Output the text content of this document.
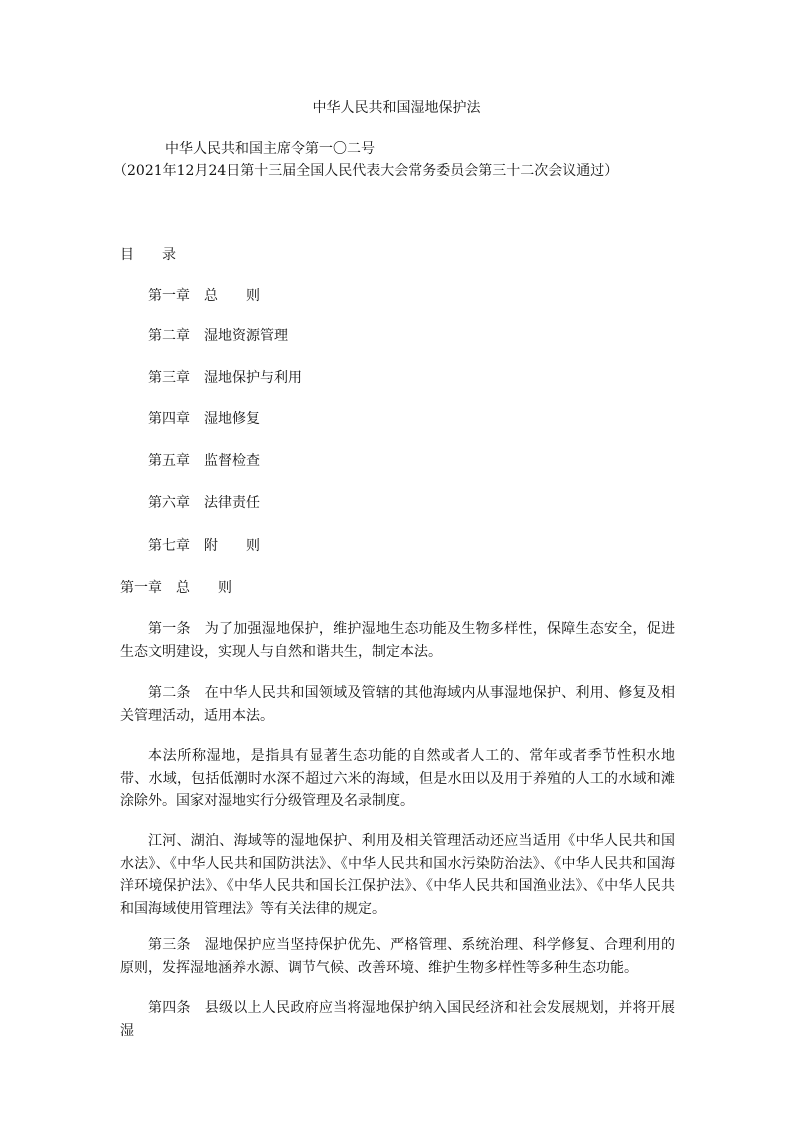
中华人民共和国湿地保护法
中华人民共和国主席令第一〇二号
（2021年12月24日第十三届全国人民代表大会常务委员会第三十二次会议通过）
目 录
第一章 总 则
第二章 湿地资源管理
第三章 湿地保护与利用
第四章 湿地修复
第五章 监督检查
第六章 法律责任
第七章 附 则
第一章 总 则
第一条 为了加强湿地保护，维护湿地生态功能及生物多样性，保障生态安全，促进生态文明建设，实现人与自然和谐共生，制定本法。
第二条 在中华人民共和国领域及管辖的其他海域内从事湿地保护、利用、修复及相关管理活动，适用本法。
本法所称湿地，是指具有显著生态功能的自然或者人工的、常年或者季节性积水地带、水域，包括低潮时水深不超过六米的海域，但是水田以及用于养殖的人工的水域和滩涂除外。国家对湿地实行分级管理及名录制度。
江河、湖泊、海域等的湿地保护、利用及相关管理活动还应当适用《中华人民共和国水法》、《中华人民共和国防洪法》、《中华人民共和国水污染防治法》、《中华人民共和国海洋环境保护法》、《中华人民共和国长江保护法》、《中华人民共和国渔业法》、《中华人民共和国海域使用管理法》等有关法律的规定。
第三条 湿地保护应当坚持保护优先、严格管理、系统治理、科学修复、合理利用的原则，发挥湿地涵养水源、调节气候、改善环境、维护生物多样性等多种生态功能。
第四条 县级以上人民政府应当将湿地保护纳入国民经济和社会发展规划，并将开展湿
